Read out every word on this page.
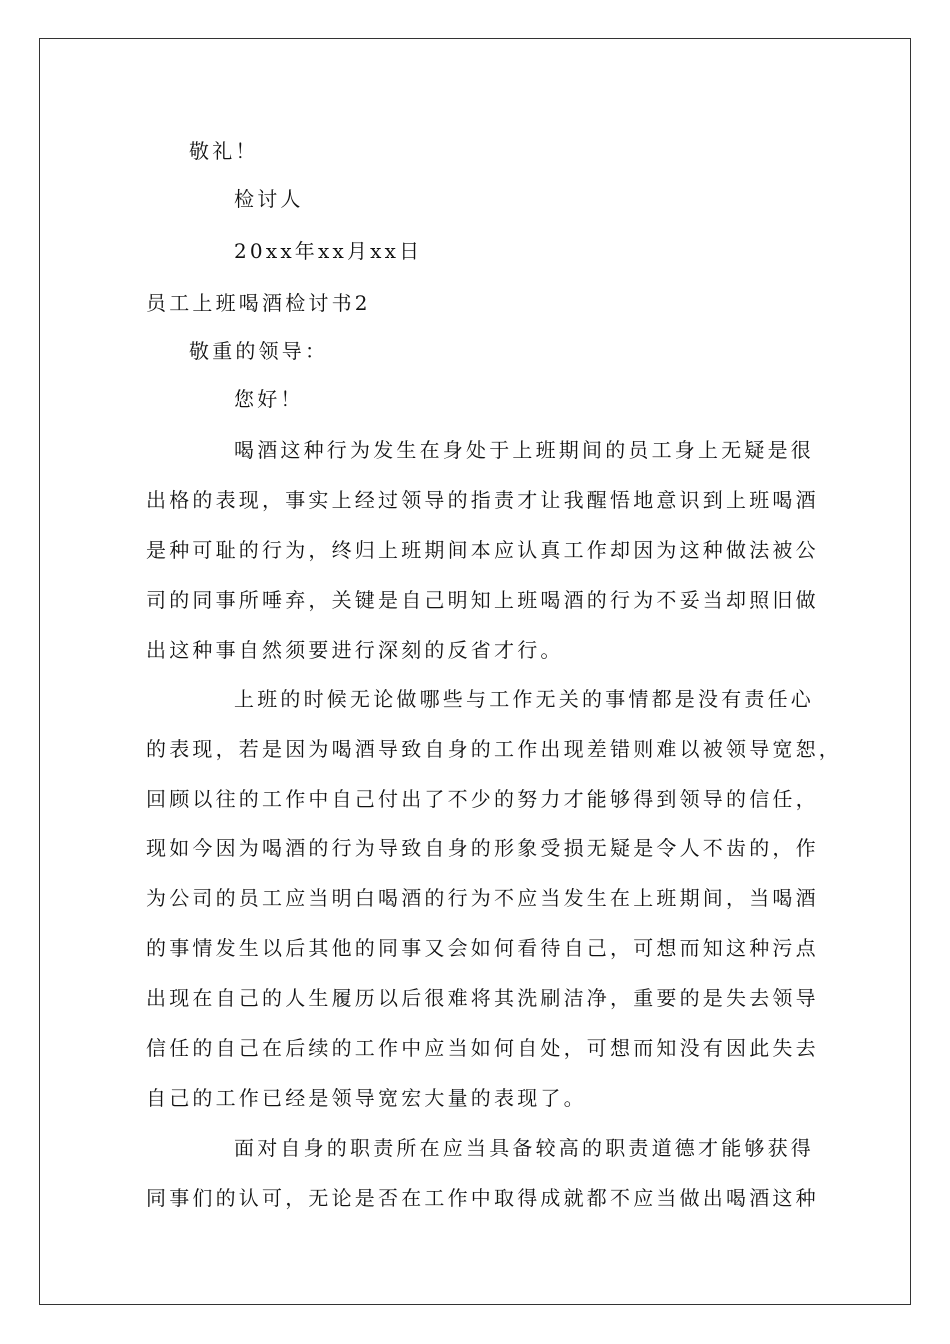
敬礼！
检讨人
20xx年xx月xx日
员工上班喝酒检讨书2
敬重的领导：
您好！
喝酒这种行为发生在身处于上班期间的员工身上无疑是很
出格的表现，事实上经过领导的指责才让我醒悟地意识到上班喝酒
是种可耻的行为，终归上班期间本应认真工作却因为这种做法被公
司的同事所唾弃，关键是自己明知上班喝酒的行为不妥当却照旧做
出这种事自然须要进行深刻的反省才行。
上班的时候无论做哪些与工作无关的事情都是没有责任心
的表现，若是因为喝酒导致自身的工作出现差错则难以被领导宽恕，
回顾以往的工作中自己付出了不少的努力才能够得到领导的信任，
现如今因为喝酒的行为导致自身的形象受损无疑是令人不齿的，作
为公司的员工应当明白喝酒的行为不应当发生在上班期间，当喝酒
的事情发生以后其他的同事又会如何看待自己，可想而知这种污点
出现在自己的人生履历以后很难将其洗刷洁净，重要的是失去领导
信任的自己在后续的工作中应当如何自处，可想而知没有因此失去
自己的工作已经是领导宽宏大量的表现了。
面对自身的职责所在应当具备较高的职责道德才能够获得
同事们的认可，无论是否在工作中取得成就都不应当做出喝酒这种
